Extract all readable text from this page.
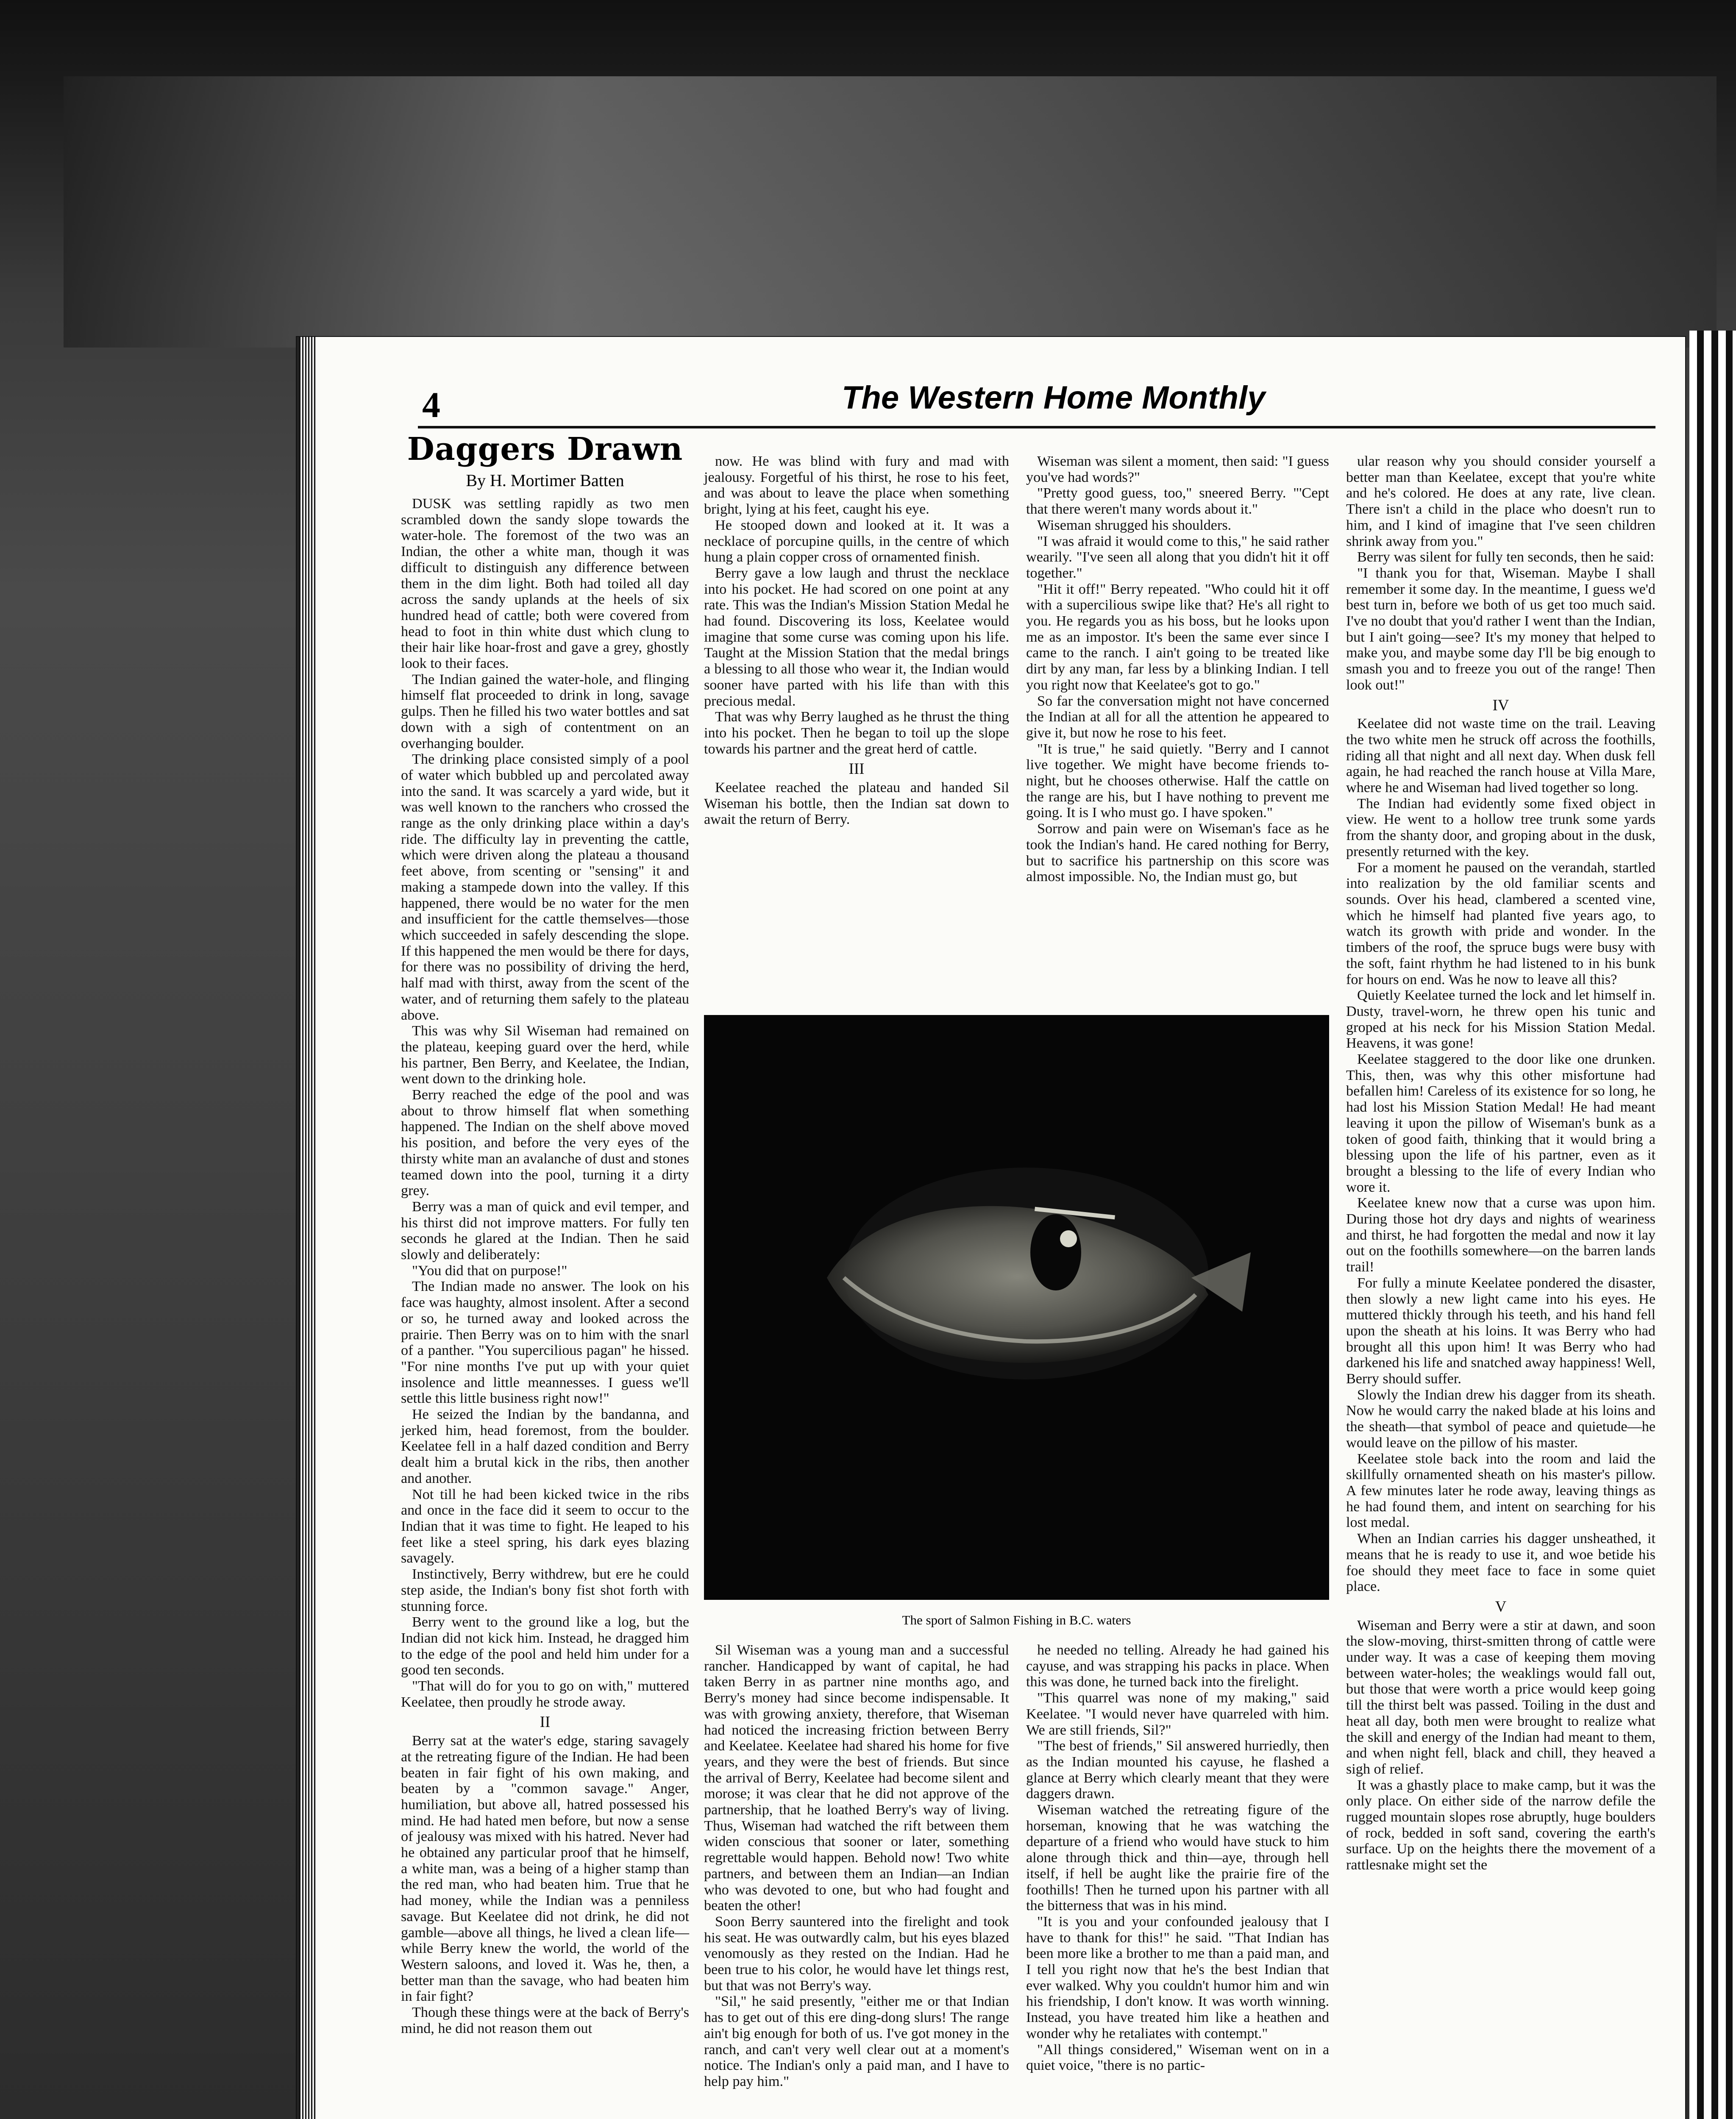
4	The Western Home Monthly
Daggers Drawn
By H. Mortimer Batten

DUSK was settling rapidly as two men scrambled down the sandy slope towards the water-hole. The foremost of the two was an Indian, the other a white man, though it was difficult to distinguish any difference between them in the dim light. Both had toiled all day across the sandy uplands at the heels of six hundred head of cattle; both were covered from head to foot in thin white dust which clung to their hair like hoar-frost and gave a grey, ghostly look to their faces.

The Indian gained the water-hole, and flinging himself flat proceeded to drink in long, savage gulps. Then he filled his two water bottles and sat down with a sigh of contentment on an overhanging boulder.

The drinking place consisted simply of a pool of water which bubbled up and percolated away into the sand. It was scarcely a yard wide, but it was well known to the ranchers who crossed the range as the only drinking place within a day's ride. The difficulty lay in preventing the cattle, which were driven along the plateau a thousand feet above, from scenting or "sensing" it and making a stampede down into the valley. If this happened, there would be no water for the men and insufficient for the cattle themselves—those which succeeded in safely descending the slope. If this happened the men would be there for days, for there was no possibility of driving the herd, half mad with thirst, away from the scent of the water, and of returning them safely to the plateau above.

This was why Sil Wiseman had remained on the plateau, keeping guard over the herd, while his partner, Ben Berry, and Keelatee, the Indian, went down to the drinking hole.

Berry reached the edge of the pool and was about to throw himself flat when something happened. The Indian on the shelf above moved his position, and before the very eyes of the thirsty white man an avalanche of dust and stones teamed down into the pool, turning it a dirty grey.

Berry was a man of quick and evil temper, and his thirst did not improve matters. For fully ten seconds he glared at the Indian. Then he said slowly and deliberately:

"You did that on purpose!"

The Indian made no answer. The look on his face was haughty, almost insolent. After a second or so, he turned away and looked across the prairie. Then Berry was on to him with the snarl of a panther. "You supercilious pagan" he hissed. "For nine months I've put up with your quiet insolence and little meannesses. I guess we'll settle this little business right now!"

He seized the Indian by the bandanna, and jerked him, head foremost, from the boulder. Keelatee fell in a half dazed condition and Berry dealt him a brutal kick in the ribs, then another and another.

Not till he had been kicked twice in the ribs and once in the face did it seem to occur to the Indian that it was time to fight. He leaped to his feet like a steel spring, his dark eyes blazing savagely.

Instinctively, Berry withdrew, but ere he could step aside, the Indian's bony fist shot forth with stunning force.

Berry went to the ground like a log, but the Indian did not kick him. Instead, he dragged him to the edge of the pool and held him under for a good ten seconds.

"That will do for you to go on with," muttered Keelatee, then proudly he strode away.

II

Berry sat at the water's edge, staring savagely at the retreating figure of the Indian. He had been beaten in fair fight of his own making, and beaten by a "common savage." Anger, humiliation, but above all, hatred possessed his mind. He had hated men before, but now a sense of jealousy was mixed with his hatred. Never had he obtained any particular proof that he himself, a white man, was a being of a higher stamp than the red man, who had beaten him. True that he had money, while the Indian was a penniless savage. But Keelatee did not drink, he did not gamble—above all things, he lived a clean life—while Berry knew the world, the world of the Western saloons, and loved it. Was he, then, a better man than the savage, who had beaten him in fair fight?

Though these things were at the back of Berry's mind, he did not reason them out

now. He was blind with fury and mad with jealousy. Forgetful of his thirst, he rose to his feet, and was about to leave the place when something bright, lying at his feet, caught his eye.

He stooped down and looked at it. It was a necklace of porcupine quills, in the centre of which hung a plain copper cross of ornamented finish.

Berry gave a low laugh and thrust the necklace into his pocket. He had scored on one point at any rate. This was the Indian's Mission Station Medal he had found. Discovering its loss, Keelatee would imagine that some curse was coming upon his life. Taught at the Mission Station that the medal brings a blessing to all those who wear it, the Indian would sooner have parted with his life than with this precious medal.

That was why Berry laughed as he thrust the thing into his pocket. Then he began to toil up the slope towards his partner and the great herd of cattle.

III

Keelatee reached the plateau and handed Sil Wiseman his bottle, then the Indian sat down to await the return of Berry.

Wiseman was silent a moment, then said: "I guess you've had words?"

"Pretty good guess, too," sneered Berry. "'Cept that there weren't many words about it."

Wiseman shrugged his shoulders.

"I was afraid it would come to this," he said rather wearily. "I've seen all along that you didn't hit it off together."

"Hit it off!" Berry repeated. "Who could hit it off with a supercilious swipe like that? He's all right to you. He regards you as his boss, but he looks upon me as an impostor. It's been the same ever since I came to the ranch. I ain't going to be treated like dirt by any man, far less by a blinking Indian. I tell you right now that Keelatee's got to go."

So far the conversation might not have concerned the Indian at all for all the attention he appeared to give it, but now he rose to his feet.

"It is true," he said quietly. "Berry and I cannot live together. We might have become friends to-night, but he chooses otherwise. Half the cattle on the range are his, but I have nothing to prevent me going. It is I who must go. I have spoken."

Sorrow and pain were on Wiseman's face as he took the Indian's hand. He cared nothing for Berry, but to sacrifice his partnership on this score was almost impossible. No, the Indian must go, but

ular reason why you should consider yourself a better man than Keelatee, except that you're white and he's colored. He does at any rate, live clean. There isn't a child in the place who doesn't run to him, and I kind of imagine that I've seen children shrink away from you."

Berry was silent for fully ten seconds, then he said:

"I thank you for that, Wiseman. Maybe I shall remember it some day. In the meantime, I guess we'd best turn in, before we both of us get too much said. I've no doubt that you'd rather I went than the Indian, but I ain't going—see? It's my money that helped to make you, and maybe some day I'll be big enough to smash you and to freeze you out of the range! Then look out!"

IV

Keelatee did not waste time on the trail. Leaving the two white men he struck off across the foothills, riding all that night and all next day. When dusk fell again, he had reached the ranch house at Villa Mare, where he and Wiseman had lived together so long.

The Indian had evidently some fixed object in view. He went to a hollow tree trunk some yards from the shanty door, and groping about in the dusk, presently returned with the key.

For a moment he paused on the verandah, startled into realization by the old familiar scents and sounds. Over his head, clambered a scented vine, which he himself had planted five years ago, to watch its growth with pride and wonder. In the timbers of the roof, the spruce bugs were busy with the soft, faint rhythm he had listened to in his bunk for hours on end. Was he now to leave all this?

Quietly Keelatee turned the lock and let himself in. Dusty, travel-worn, he threw open his tunic and groped at his neck for his Mission Station Medal. Heavens, it was gone!

Keelatee staggered to the door like one drunken. This, then, was why this other misfortune had befallen him! Careless of its existence for so long, he had lost his Mission Station Medal! He had meant leaving it upon the pillow of Wiseman's bunk as a token of good faith, thinking that it would bring a blessing upon the life of his partner, even as it brought a blessing to the life of every Indian who wore it.

Keelatee knew now that a curse was upon him. During those hot dry days and nights of weariness and thirst, he had forgotten the medal and now it lay out on the foothills somewhere—on the barren lands trail!

For fully a minute Keelatee pondered the disaster, then slowly a new light came into his eyes. He muttered thickly through his teeth, and his hand fell upon the sheath at his loins. It was Berry who had brought all this upon him! It was Berry who had darkened his life and snatched away happiness! Well, Berry should suffer.

Slowly the Indian drew his dagger from its sheath. Now he would carry the naked blade at his loins and the sheath—that symbol of peace and quietude—he would leave on the pillow of his master.

Keelatee stole back into the room and laid the skillfully ornamented sheath on his master's pillow. A few minutes later he rode away, leaving things as he had found them, and intent on searching for his lost medal.

When an Indian carries his dagger unsheathed, it means that he is ready to use it, and woe betide his foe should they meet face to face in some quiet place.

V

Wiseman and Berry were a stir at dawn, and soon the slow-moving, thirst-smitten throng of cattle were under way. It was a case of keeping them moving between water-holes; the weaklings would fall out, but those that were worth a price would keep going till the thirst belt was passed. Toiling in the dust and heat all day, both men were brought to realize what the skill and energy of the Indian had meant to them, and when night fell, black and chill, they heaved a sigh of relief.

It was a ghastly place to make camp, but it was the only place. On either side of the narrow defile the rugged mountain slopes rose abruptly, huge boulders of rock, bedded in soft sand, covering the earth's surface. Up on the heights there the movement of a rattlesnake might set the

The sport of Salmon Fishing in B.C. waters

Sil Wiseman was a young man and a successful rancher. Handicapped by want of capital, he had taken Berry in as partner nine months ago, and Berry's money had since become indispensable. It was with growing anxiety, therefore, that Wiseman had noticed the increasing friction between Berry and Keelatee. Keelatee had shared his home for five years, and they were the best of friends. But since the arrival of Berry, Keelatee had become silent and morose; it was clear that he did not approve of the partnership, that he loathed Berry's way of living. Thus, Wiseman had watched the rift between them widen conscious that sooner or later, something regrettable would happen. Behold now! Two white partners, and between them an Indian—an Indian who was devoted to one, but who had fought and beaten the other!

Soon Berry sauntered into the firelight and took his seat. He was outwardly calm, but his eyes blazed venomously as they rested on the Indian. Had he been true to his color, he would have let things rest, but that was not Berry's way.

"Sil," he said presently, "either me or that Indian has to get out of this ere ding-dong slurs! The range ain't big enough for both of us. I've got money in the ranch, and can't very well clear out at a moment's notice. The Indian's only a paid man, and I have to help pay him."

he needed no telling. Already he had gained his cayuse, and was strapping his packs in place. When this was done, he turned back into the firelight.

"This quarrel was none of my making," said Keelatee. "I would never have quarreled with him. We are still friends, Sil?"

"The best of friends," Sil answered hurriedly, then as the Indian mounted his cayuse, he flashed a glance at Berry which clearly meant that they were daggers drawn.

Wiseman watched the retreating figure of the horseman, knowing that he was watching the departure of a friend who would have stuck to him alone through thick and thin—aye, through hell itself, if hell be aught like the prairie fire of the foothills! Then he turned upon his partner with all the bitterness that was in his mind.

"It is you and your confounded jealousy that I have to thank for this!" he said. "That Indian has been more like a brother to me than a paid man, and I tell you right now that he's the best Indian that ever walked. Why you couldn't humor him and win his friendship, I don't know. It was worth winning. Instead, you have treated him like a heathen and wonder why he retaliates with contempt."

"All things considered," Wiseman went on in a quiet voice, "there is no partic-
